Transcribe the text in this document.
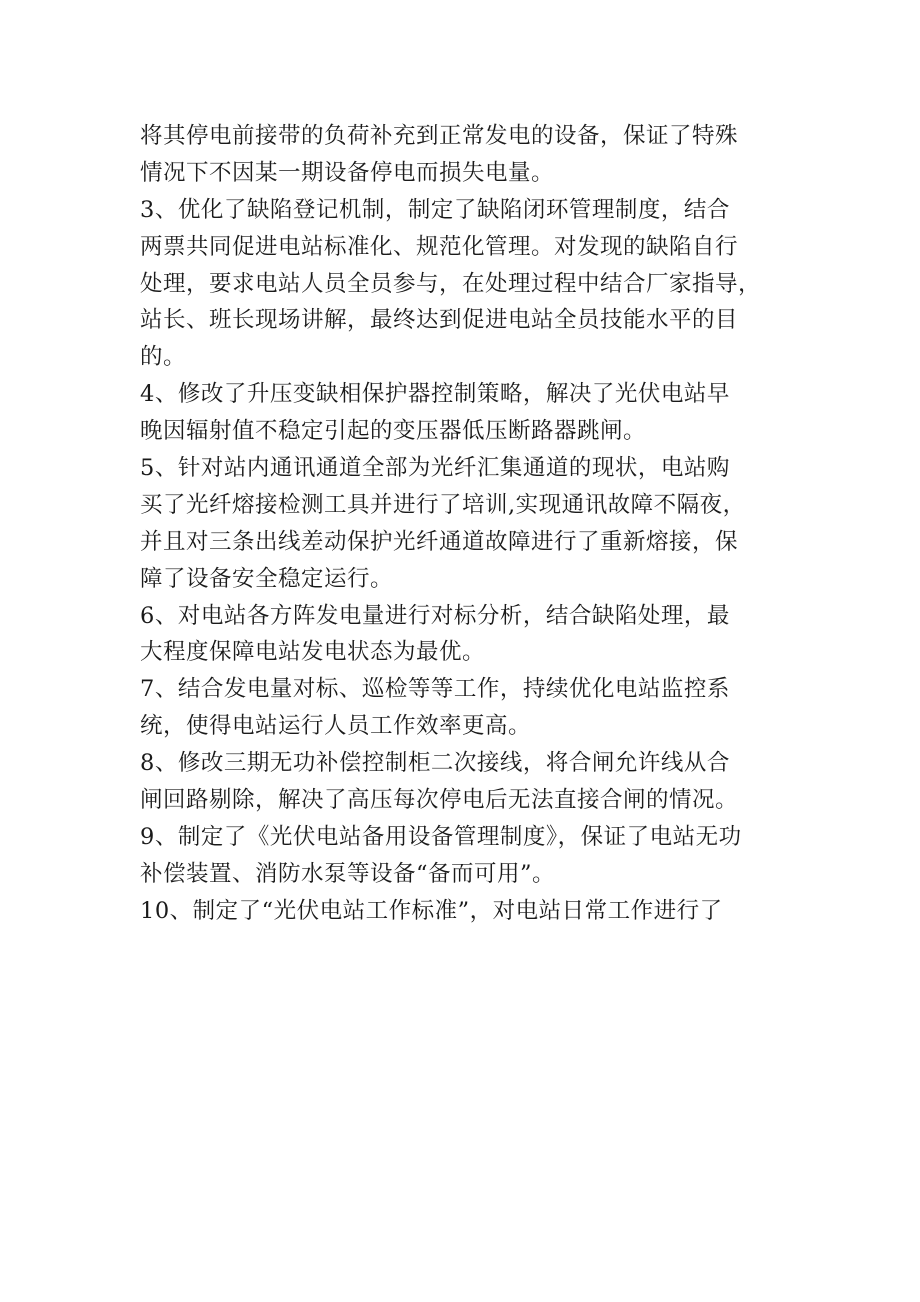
将其停电前接带的负荷补充到正常发电的设备，保证了特殊
情况下不因某一期设备停电而损失电量。
3、优化了缺陷登记机制，制定了缺陷闭环管理制度，结合
两票共同促进电站标准化、规范化管理。对发现的缺陷自行
处理，要求电站人员全员参与，在处理过程中结合厂家指导，
站长、班长现场讲解，最终达到促进电站全员技能水平的目
的。
4、修改了升压变缺相保护器控制策略，解决了光伏电站早
晚因辐射值不稳定引起的变压器低压断路器跳闸。
5、针对站内通讯通道全部为光纤汇集通道的现状，电站购
买了光纤熔接检测工具并进行了培训,实现通讯故障不隔夜，
并且对三条出线差动保护光纤通道故障进行了重新熔接，保
障了设备安全稳定运行。
6、对电站各方阵发电量进行对标分析，结合缺陷处理，最
大程度保障电站发电状态为最优。
7、结合发电量对标、巡检等等工作，持续优化电站监控系
统，使得电站运行人员工作效率更高。
8、修改三期无功补偿控制柜二次接线，将合闸允许线从合
闸回路剔除，解决了高压每次停电后无法直接合闸的情况。
9、制定了《光伏电站备用设备管理制度》，保证了电站无功
补偿装置、消防水泵等设备“备而可用”。
10、制定了“光伏电站工作标准”，对电站日常工作进行了
